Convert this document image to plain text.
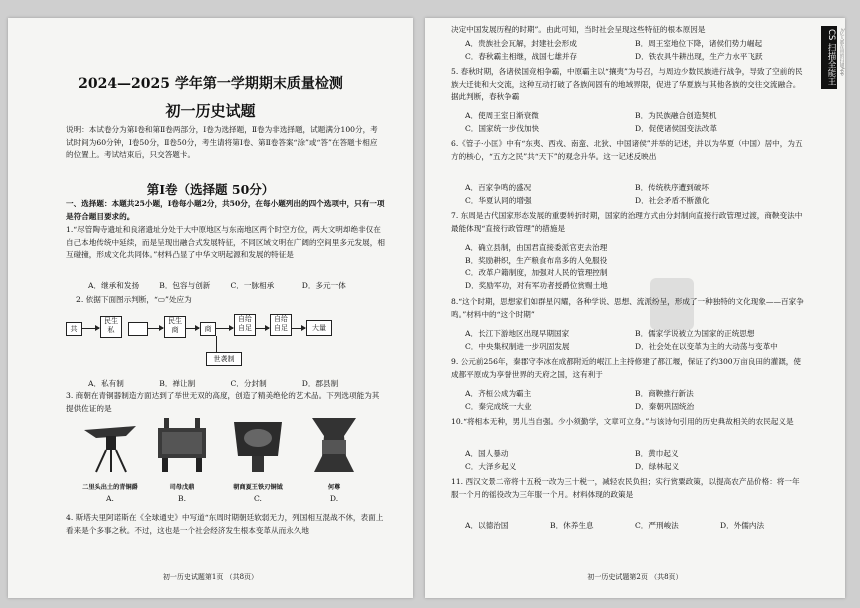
2024—2025 学年第一学期期末质量检测
初一历史试题
说明：本试卷分为第Ⅰ卷和第Ⅱ卷两部分，Ⅰ卷为选择题，Ⅱ卷为非选择题，试题满分100分，考试时间为60分钟，Ⅰ卷50分，Ⅱ卷50分，考生请将第Ⅰ卷、第Ⅱ卷答案“涂”或“答”在答题卡相应的位置上。考试结束后，只交答题卡。
第Ⅰ卷（选择题 50分）
一、选择题：本题共25小题，Ⅰ卷每小题2分，共50分，在每小题列出的四个选项中，只有一项是符合题目要求的。
1.“尽管陶寺遗址和良渚遗址分处于大中原地区与东南地区两个时空方位，两大文明却绝非仅在自己本地传统中延续，而是呈现出融合式发展特征，不同区域文明在广阔的空间里多元发展，相互碰撞，形成文化共同体。”材料凸显了中华文明起源和发展的特征是
A．继承和发扬	B．包容与创新	C．一脉相承	D．多元一体
2. 依据下面图示判断，“▭”处应为
共
民生
私
民生
商	商
自给
自足
自给
自足	大量
世袭制
A．私有制	B．禅让制	C．分封制	D．郡县制
3. 商朝在青铜器制造方面达到了举世无双的高度，创造了精美绝伦的艺术品。下列选项能为其提供佐证的是
二里头出土的青铜爵	司母戊鼎	朝商夏王铁刃铜钺	何尊
A.	B.	C.	D.
4. 斯塔夫里阿诺斯在《全球通史》中写道“东周时期朝廷软弱无力，列国相互混战不休，表面上看来是个多事之秋。不过，这也是一个社会经济发生根本变革从而永久地
初一历史试题第1页 （共8页）
CS 扫描全能王 3亿人都在用的扫描App
决定中国发展历程的时期”。由此可知，当时社会呈现这些特征的根本原因是
A．贵族社会瓦解，封建社会形成	B．周王室地位下降，诸侯们势力崛起
C．春秋霸主相继，战国七雄并存	D．铁农具牛耕出现，生产力水平飞跃
5. 春秋时期，各诸侯国竞相争霸，中原霸主以“攘夷”为号召，与周边少数民族进行战争，导致了空前的民族大迁徙和大交流，这种互动打破了各族间固有的地域界限，促进了华夏族与其他各族的交往交流融合。据此判断，春秋争霸
A．使周王室日渐衰微	B．为民族融合创造契机
C．国家统一步伐加快	D．促使诸侯国变法改革
6.《管子·小匡》中有“东夷、西戎、南蛮、北狄、中国诸侯”并举的记述，并以为华夏（中国）居中，为五方的核心，“五方之民”共“天下”的观念升华。这一记述反映出
A．百家争鸣的盛况	B．传统秩序遭到破坏
C．华夏认同的增强	D．社会矛盾不断激化
7. 东周是古代国家形态发展的重要转折时期，国家的治理方式由分封制向直接行政管理过渡，商鞅变法中最能体现“直接行政管理”的措施是
A．确立县制，由国君直接委派官吏去治理
B．奖励耕织，生产粮食布帛多的人免服役
C．改革户籍制度，加强对人民的管理控制
D．奖励军功，对有军功者授爵位赏赐土地
8.“这个时期，思想家们如群星闪耀，各种学说、思想、流派纷呈，形成了一种独特的文化现象——百家争鸣。”材料中的“这个时期”
A．长江下游地区出现早期国家	B．儒家学说被立为国家的正统思想
C．中央集权制进一步巩固发展	D．社会处在以变革为主的大动荡与变革中
9. 公元前256年，秦郡守李冰在成都附近的岷江上主持修建了都江堰，保证了约300万亩良田的灌溉，使成都平原成为享誉世界的天府之国，这有利于
A．齐桓公成为霸主	B．商鞅推行新法
C．秦完成统一大业	D．秦朝巩固统治
10.“将相本无种，男儿当自强。少小须勤学，文章可立身。”与该诗句引用的历史典故相关的农民起义是
A．国人暴动	B．黄巾起义
C．大泽乡起义	D．绿林起义
11. 西汉文景二帝将十五税一改为三十税一，减轻农民负担；实行赏粟政策，以提高农产品价格：将一年服一个月的徭役改为三年服一个月。材料体现的政策是
A．以德治国	B．休养生息	C．严刑峻法	D．外儒内法
初一历史试题第2页 （共8页）
